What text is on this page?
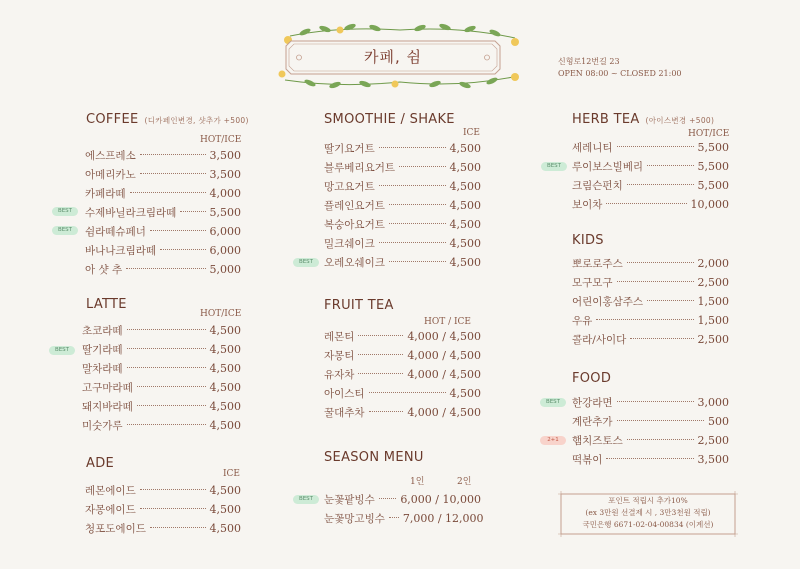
카페, 쉼	신형로12번길 23
OPEN 08:00 ~ CLOSED 21:00
COFFEE (디카페인변경, 샷추가 +500)
HOT/ICE
에스프레소	3,500
아메리카노	3,500
카페라떼	4,000
수제바닐라크림라떼	5,500
쉼라떼슈페너	6,000
바나나크림라떼	6,000
아 샷 추	5,000
BEST
BEST
LATTE
HOT/ICE
초코라떼	4,500
딸기라떼	4,500
말차라떼	4,500
고구마라떼	4,500
돼지바라떼	4,500
미숫가루	4,500
BEST
ADE
ICE
레몬에이드	4,500
자몽에이드	4,500
청포도에이드	4,500
SMOOTHIE / SHAKE
ICE
딸기요거트	4,500
블루베리요거트	4,500
망고요거트	4,500
플레인요거트	4,500
복숭아요거트	4,500
밀크쉐이크	4,500
오레오쉐이크	4,500
BEST
FRUIT TEA
HOT / ICE
레몬티	4,000 / 4,500
자몽티	4,000 / 4,500
유자차	4,000 / 4,500
아이스티	4,500
꿀대추차	4,000 / 4,500
SEASON MENU
1인	2인
눈꽃팥빙수 6,000 / 10,000
눈꽃망고빙수 7,000 / 12,000
BEST
HERB TEA (아이스변경 +500)
HOT/ICE
세레니티	5,500
루이보스빌베리	5,500
크림슨펀치	5,500
보이차	10,000
BEST
KIDS
뽀로로주스	2,000
모구모구	2,500
어린이홍삼주스	1,500
우유	1,500
콜라/사이다	2,500
FOOD
한강라면	3,000
계란추가	500
햄치즈토스	2,500
떡볶이	3,500
BEST
2+1
포인트 적립시 추가10%
(ex 3만원 선결제 시 , 3만3천원 적립)
국민은행 6671-02-04-00834 (이계선)
